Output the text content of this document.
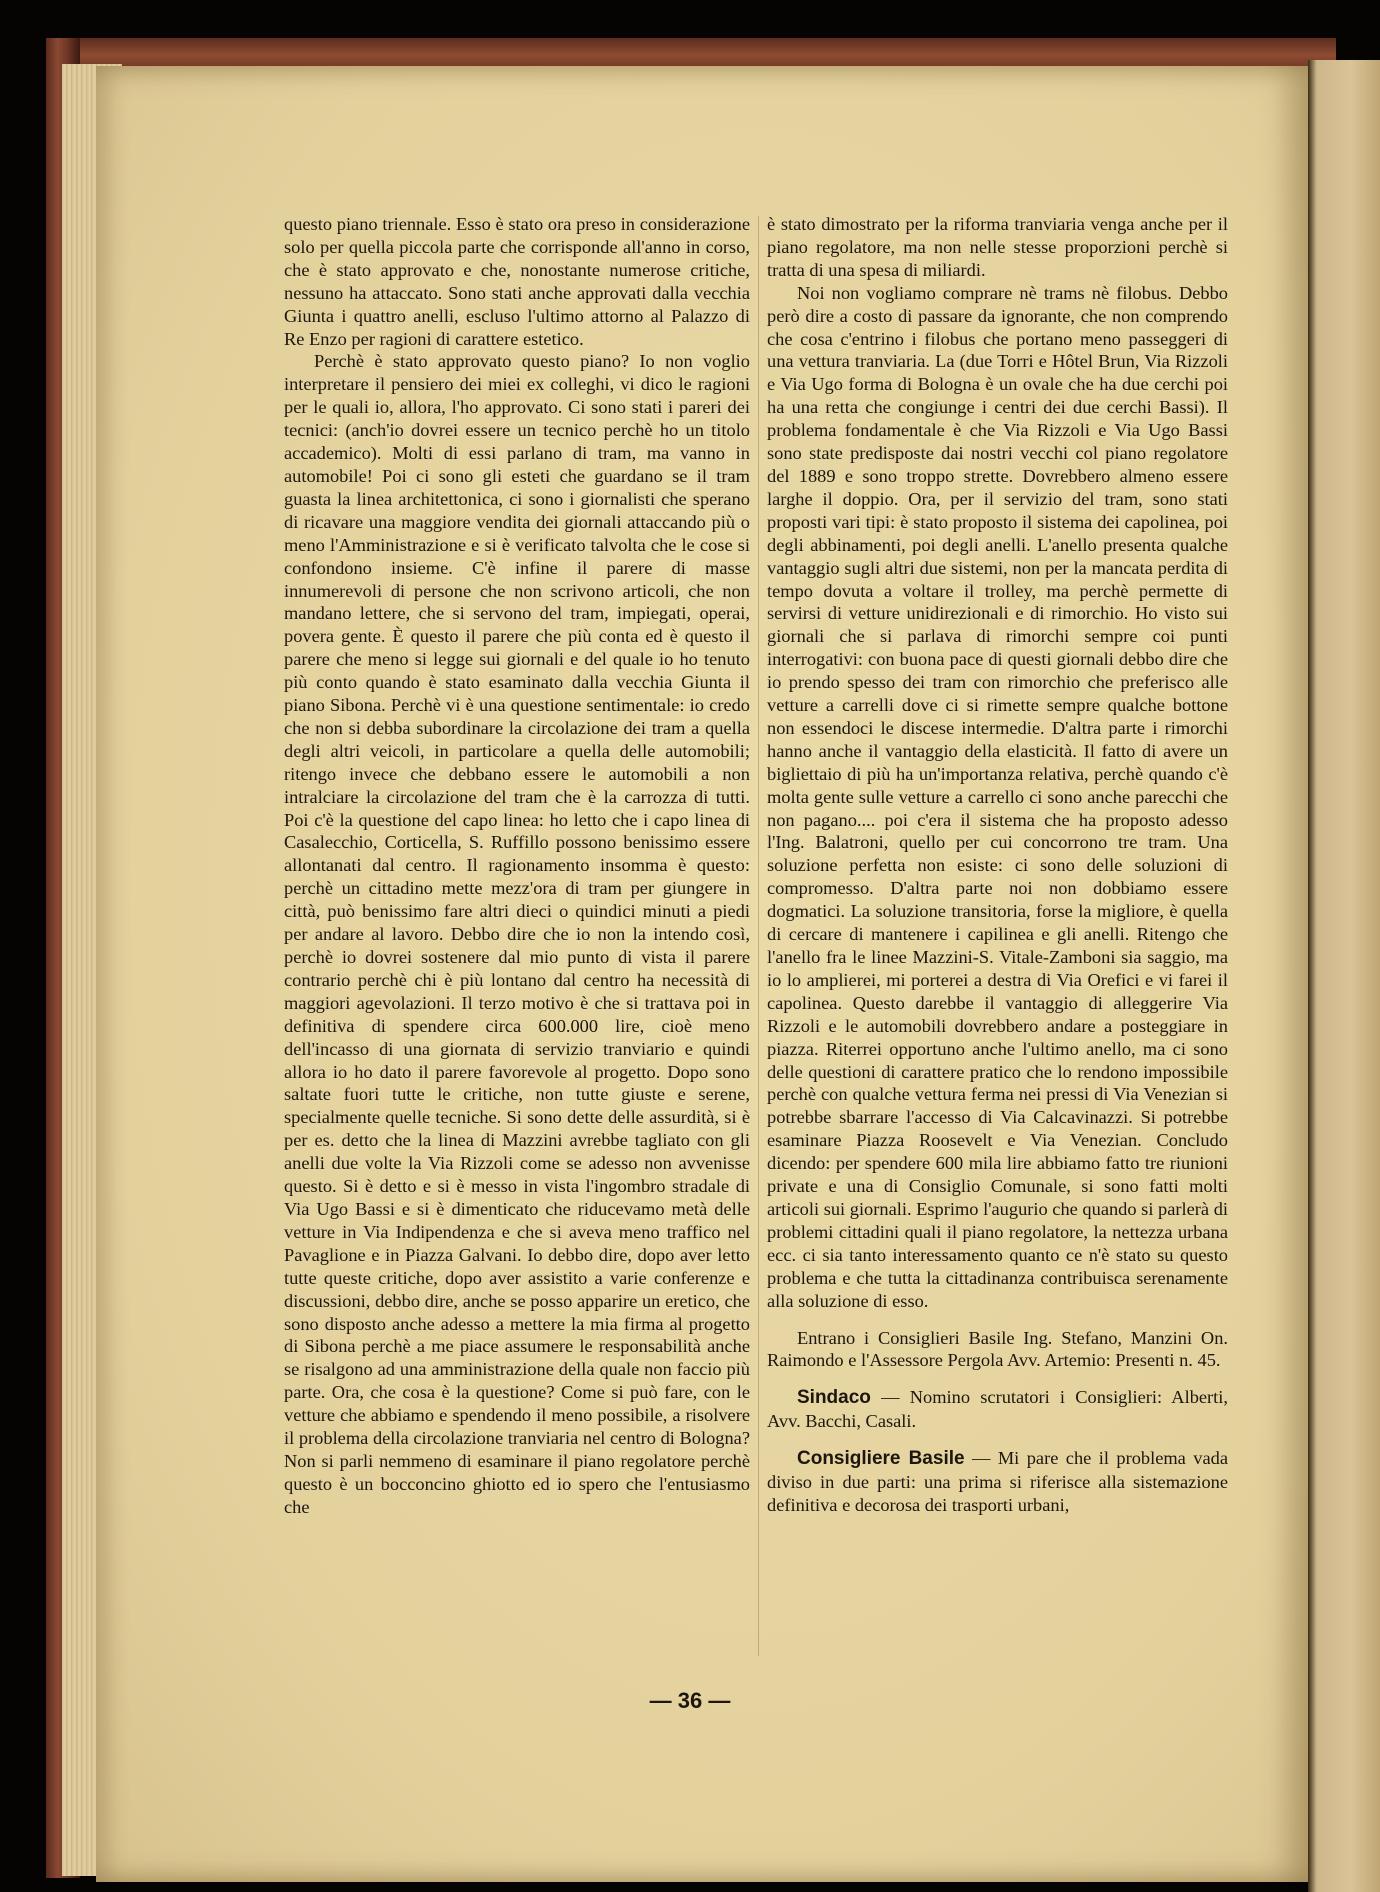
questo piano triennale. Esso è stato ora preso in considerazione solo per quella piccola parte che corrisponde all'anno in corso, che è stato approvato e che, nonostante numerose critiche, nessuno ha attaccato. Sono stati anche approvati dalla vecchia Giunta i quattro anelli, escluso l'ultimo attorno al Palazzo di Re Enzo per ragioni di carattere estetico.

Perchè è stato approvato questo piano? Io non voglio interpretare il pensiero dei miei ex colleghi, vi dico le ragioni per le quali io, allora, l'ho approvato. Ci sono stati i pareri dei tecnici: (anch'io dovrei essere un tecnico perchè ho un titolo accademico). Molti di essi parlano di tram, ma vanno in automobile! Poi ci sono gli esteti che guardano se il tram guasta la linea architettonica, ci sono i giornalisti che sperano di ricavare una maggiore vendita dei giornali attaccando più o meno l'Amministrazione e si è verificato talvolta che le cose si confondono insieme. C'è infine il parere di masse innumerevoli di persone che non scrivono articoli, che non mandano lettere, che si servono del tram, impiegati, operai, povera gente. È questo il parere che più conta ed è questo il parere che meno si legge sui giornali e del quale io ho tenuto più conto quando è stato esaminato dalla vecchia Giunta il piano Sibona. Perchè vi è una questione sentimentale: io credo che non si debba subordinare la circolazione dei tram a quella degli altri veicoli, in particolare a quella delle automobili; ritengo invece che debbano essere le automobili a non intralciare la circolazione del tram che è la carrozza di tutti. Poi c'è la questione del capo linea: ho letto che i capo linea di Casalecchio, Corticella, S. Ruffillo possono benissimo essere allontanati dal centro. Il ragionamento insomma è questo: perchè un cittadino mette mezz'ora di tram per giungere in città, può benissimo fare altri dieci o quindici minuti a piedi per andare al lavoro. Debbo dire che io non la intendo così, perchè io dovrei sostenere dal mio punto di vista il parere contrario perchè chi è più lontano dal centro ha necessità di maggiori agevolazioni. Il terzo motivo è che si trattava poi in definitiva di spendere circa 600.000 lire, cioè meno dell'incasso di una giornata di servizio tranviario e quindi allora io ho dato il parere favorevole al progetto. Dopo sono saltate fuori tutte le critiche, non tutte giuste e serene, specialmente quelle tecniche. Si sono dette delle assurdità, si è per es. detto che la linea di Mazzini avrebbe tagliato con gli anelli due volte la Via Rizzoli come se adesso non avvenisse questo. Si è detto e si è messo in vista l'ingombro stradale di Via Ugo Bassi e si è dimenticato che riducevamo metà delle vetture in Via Indipendenza e che si aveva meno traffico nel Pavaglione e in Piazza Galvani. Io debbo dire, dopo aver letto tutte queste critiche, dopo aver assistito a varie conferenze e discussioni, debbo dire, anche se posso apparire un eretico, che sono disposto anche adesso a mettere la mia firma al progetto di Sibona perchè a me piace assumere le responsabilità anche se risalgono ad una amministrazione della quale non faccio più parte. Ora, che cosa è la questione? Come si può fare, con le vetture che abbiamo e spendendo il meno possibile, a risolvere il problema della circolazione tranviaria nel centro di Bologna? Non si parli nemmeno di esaminare il piano regolatore perchè questo è un bocconcino ghiotto ed io spero che l'entusiasmo che

è stato dimostrato per la riforma tranviaria venga anche per il piano regolatore, ma non nelle stesse proporzioni perchè si tratta di una spesa di miliardi.

Noi non vogliamo comprare nè trams nè filobus. Debbo però dire a costo di passare da ignorante, che non comprendo che cosa c'entrino i filobus che portano meno passeggeri di una vettura tranviaria. La (due Torri e Hôtel Brun, Via Rizzoli e Via Ugo forma di Bologna è un ovale che ha due cerchi poi ha una retta che congiunge i centri dei due cerchi Bassi). Il problema fondamentale è che Via Rizzoli e Via Ugo Bassi sono state predisposte dai nostri vecchi col piano regolatore del 1889 e sono troppo strette. Dovrebbero almeno essere larghe il doppio. Ora, per il servizio del tram, sono stati proposti vari tipi: è stato proposto il sistema dei capolinea, poi degli abbinamenti, poi degli anelli. L'anello presenta qualche vantaggio sugli altri due sistemi, non per la mancata perdita di tempo dovuta a voltare il trolley, ma perchè permette di servirsi di vetture unidirezionali e di rimorchio. Ho visto sui giornali che si parlava di rimorchi sempre coi punti interrogativi: con buona pace di questi giornali debbo dire che io prendo spesso dei tram con rimorchio che preferisco alle vetture a carrelli dove ci si rimette sempre qualche bottone non essendoci le discese intermedie. D'altra parte i rimorchi hanno anche il vantaggio della elasticità. Il fatto di avere un bigliettaio di più ha un'importanza relativa, perchè quando c'è molta gente sulle vetture a carrello ci sono anche parecchi che non pagano.... poi c'era il sistema che ha proposto adesso l'Ing. Balatroni, quello per cui concorrono tre tram. Una soluzione perfetta non esiste: ci sono delle soluzioni di compromesso. D'altra parte noi non dobbiamo essere dogmatici. La soluzione transitoria, forse la migliore, è quella di cercare di mantenere i capilinea e gli anelli. Ritengo che l'anello fra le linee Mazzini-S. Vitale-Zamboni sia saggio, ma io lo amplierei, mi porterei a destra di Via Orefici e vi farei il capolinea. Questo darebbe il vantaggio di alleggerire Via Rizzoli e le automobili dovrebbero andare a posteggiare in piazza. Riterrei opportuno anche l'ultimo anello, ma ci sono delle questioni di carattere pratico che lo rendono impossibile perchè con qualche vettura ferma nei pressi di Via Venezian si potrebbe sbarrare l'accesso di Via Calcavinazzi. Si potrebbe esaminare Piazza Roosevelt e Via Venezian. Concludo dicendo: per spendere 600 mila lire abbiamo fatto tre riunioni private e una di Consiglio Comunale, si sono fatti molti articoli sui giornali. Esprimo l'augurio che quando si parlerà di problemi cittadini quali il piano regolatore, la nettezza urbana ecc. ci sia tanto interessamento quanto ce n'è stato su questo problema e che tutta la cittadinanza contribuisca serenamente alla soluzione di esso.

Entrano i Consiglieri Basile Ing. Stefano, Manzini On. Raimondo e l'Assessore Pergola Avv. Artemio: Presenti n. 45.

Sindaco — Nomino scrutatori i Consiglieri: Alberti, Avv. Bacchi, Casali.

Consigliere Basile — Mi pare che il problema vada diviso in due parti: una prima si riferisce alla sistemazione definitiva e decorosa dei trasporti urbani,

— 36 —
